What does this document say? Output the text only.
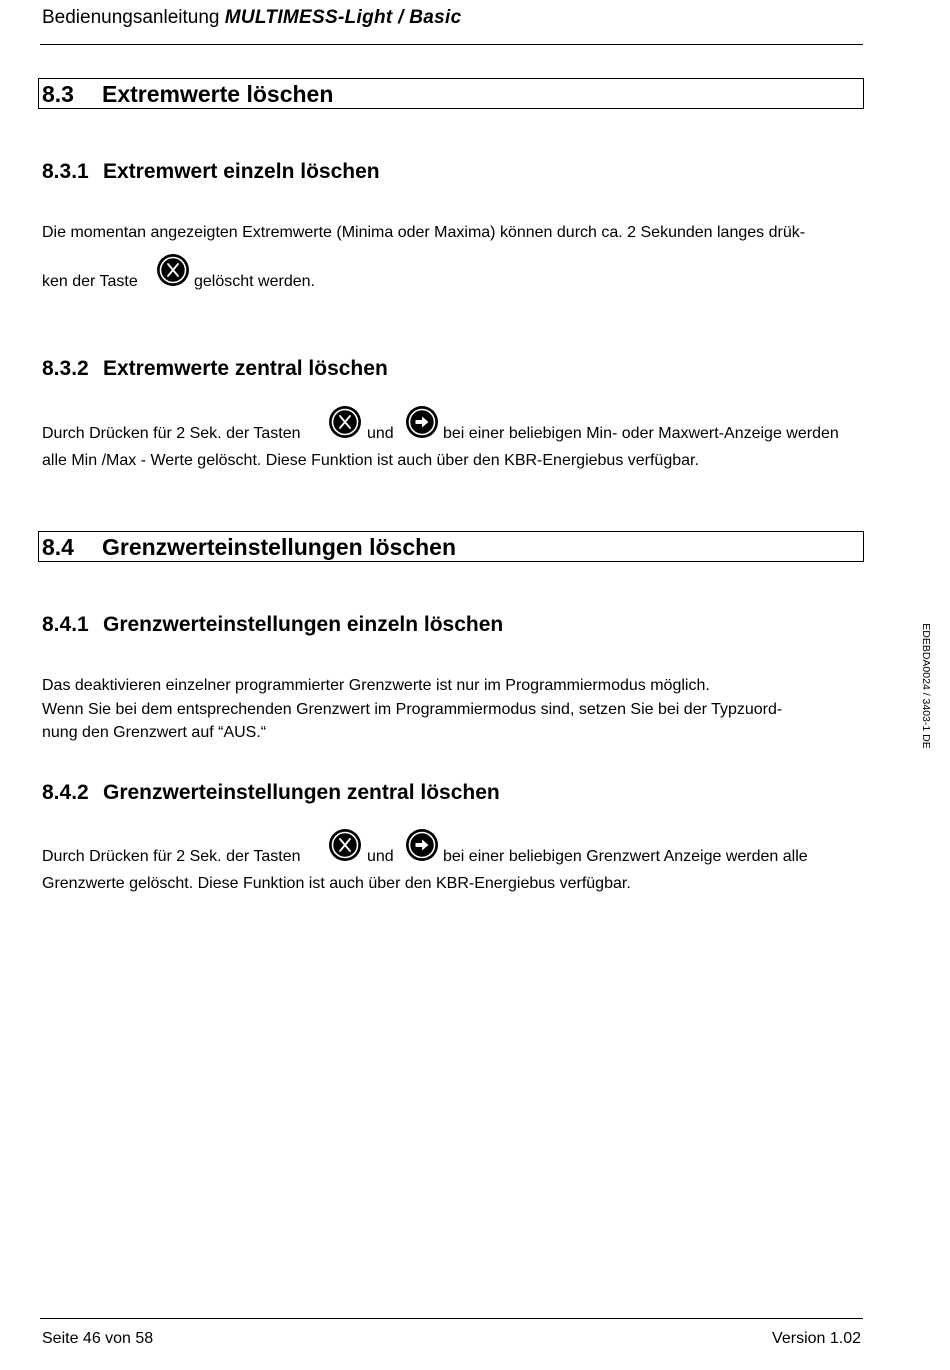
Bedienungsanleitung MULTIMESS-Light / Basic
8.3 Extremwerte löschen
8.3.1 Extremwert einzeln löschen
Die momentan angezeigten Extremwerte (Minima oder Maxima) können durch ca. 2 Sekunden langes drük-
ken der Taste	gelöscht werden.
8.3.2 Extremwerte zentral löschen
Durch Drücken für 2 Sek. der Tasten	und	bei einer beliebigen Min- oder Maxwert-Anzeige werden
alle Min /Max - Werte gelöscht. Diese Funktion ist auch über den KBR-Energiebus verfügbar.
8.4 Grenzwerteinstellungen löschen
8.4.1 Grenzwerteinstellungen einzeln löschen
Das deaktivieren einzelner programmierter Grenzwerte ist nur im Programmiermodus möglich.
Wenn Sie bei dem entsprechenden Grenzwert im Programmiermodus sind, setzen Sie bei der Typzuord-
nung den Grenzwert auf “AUS.“
8.4.2 Grenzwerteinstellungen zentral löschen
Durch Drücken für 2 Sek. der Tasten	und	bei einer beliebigen Grenzwert Anzeige werden alle
Grenzwerte gelöscht. Diese Funktion ist auch über den KBR-Energiebus verfügbar.
EDEBDA0024 / 3403-1 DE
Seite 46 von 58	Version 1.02
